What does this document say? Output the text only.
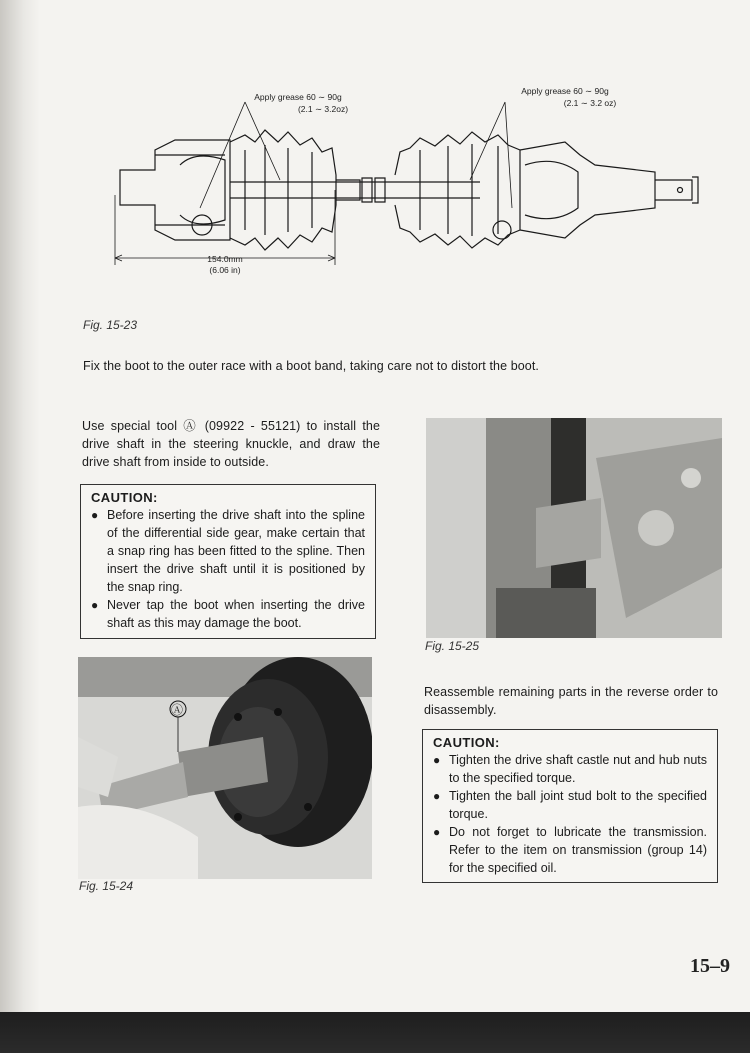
Apply grease 60 ∼ 90g
(2.1 ∼ 3.2oz)
Apply grease 60 ∼ 90g
(2.1 ∼ 3.2 oz)
154.0mm
(6.06 in)
Fig. 15-23
Fix the boot to the outer race with a boot band, taking care not to distort the boot.
Use special tool Ⓐ (09922 - 55121) to install the drive shaft in the steering knuckle, and draw the drive shaft from inside to outside.
CAUTION:
● Before inserting the drive shaft into the spline of the differential side gear, make certain that a snap ring has been fitted to the spline. Then insert the drive shaft until it is positioned by the snap ring.
● Never tap the boot when inserting the drive shaft as this may damage the boot.
Ⓐ
Fig. 15-24
Fig. 15-25
Reassemble remaining parts in the reverse order to disassembly.
CAUTION:
● Tighten the drive shaft castle nut and hub nuts to the specified torque.
● Tighten the ball joint stud bolt to the specified torque.
● Do not forget to lubricate the transmission. Refer to the item on transmission (group 14) for the specified oil.
15–9
